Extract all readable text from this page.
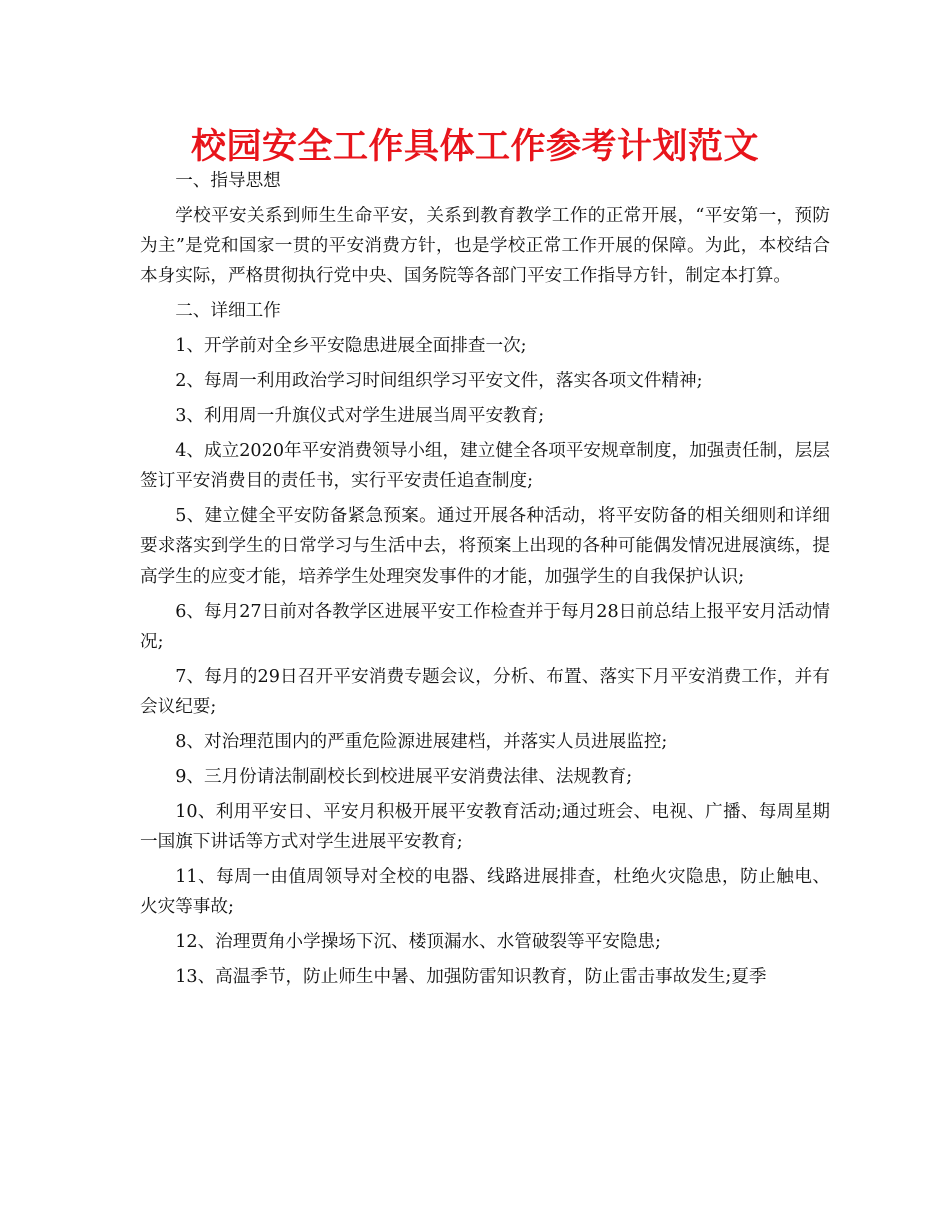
校园安全工作具体工作参考计划范文

一、指导思想

学校平安关系到师生生命平安，关系到教育教学工作的正常开展，“平安第一，预防为主”是党和国家一贯的平安消费方针，也是学校正常工作开展的保障。为此，本校结合本身实际，严格贯彻执行党中央、国务院等各部门平安工作指导方针，制定本打算。

二、详细工作

1、开学前对全乡平安隐患进展全面排查一次;

2、每周一利用政治学习时间组织学习平安文件，落实各项文件精神;

3、利用周一升旗仪式对学生进展当周平安教育;

4、成立2020年平安消费领导小组，建立健全各项平安规章制度，加强责任制，层层签订平安消费目的责任书，实行平安责任追查制度;

5、建立健全平安防备紧急预案。通过开展各种活动，将平安防备的相关细则和详细要求落实到学生的日常学习与生活中去，将预案上出现的各种可能偶发情况进展演练，提高学生的应变才能，培养学生处理突发事件的才能，加强学生的自我保护认识;

6、每月27日前对各教学区进展平安工作检查并于每月28日前总结上报平安月活动情况;

7、每月的29日召开平安消费专题会议，分析、布置、落实下月平安消费工作，并有会议纪要;

8、对治理范围内的严重危险源进展建档，并落实人员进展监控;

9、三月份请法制副校长到校进展平安消费法律、法规教育;

10、利用平安日、平安月积极开展平安教育活动;通过班会、电视、广播、每周星期一国旗下讲话等方式对学生进展平安教育;

11、每周一由值周领导对全校的电器、线路进展排查，杜绝火灾隐患，防止触电、火灾等事故;

12、治理贾角小学操场下沉、楼顶漏水、水管破裂等平安隐患;

13、高温季节，防止师生中暑、加强防雷知识教育，防止雷击事故发生;夏季
